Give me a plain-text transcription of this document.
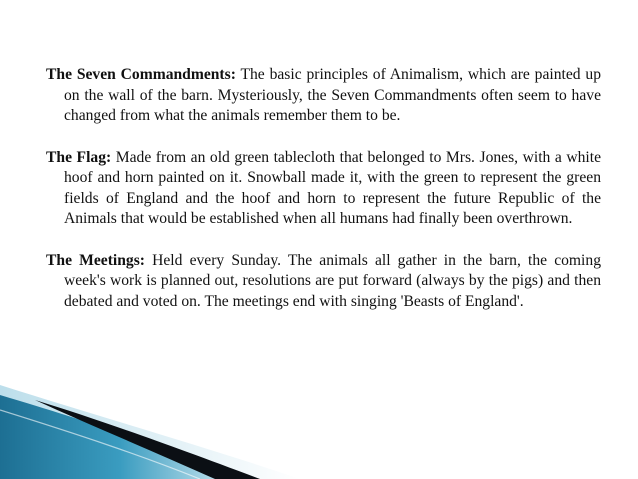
The Seven Commandments: The basic principles of Animalism, which are painted up on the wall of the barn. Mysteriously, the Seven Commandments often seem to have changed from what the animals remember them to be.

The Flag: Made from an old green tablecloth that belonged to Mrs. Jones, with a white hoof and horn painted on it. Snowball made it, with the green to represent the green fields of England and the hoof and horn to represent the future Republic of the Animals that would be established when all humans had finally been overthrown.

The Meetings: Held every Sunday. The animals all gather in the barn, the coming week's work is planned out, resolutions are put forward (always by the pigs) and then debated and voted on. The meetings end with singing 'Beasts of England'.
